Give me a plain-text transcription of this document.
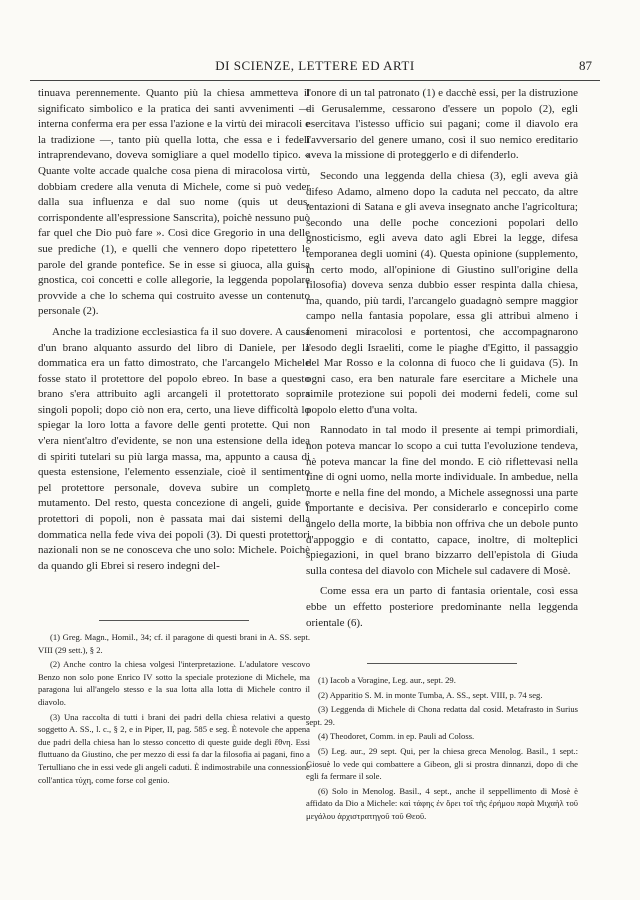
DI SCIENZE, LETTERE ED ARTI	87

tinuava perennemente. Quanto più la chiesa ammetteva il significato simbolico e la pratica dei santi avvenimenti — interna conferma era per essa l'azione e la virtù dei miracoli e la tradizione —, tanto più quella lotta, che essa e i fedeli intraprendevano, doveva somigliare a quel modello tipico. « Quante volte accade qualche cosa piena di miracolosa virtù, dobbiam credere alla venuta di Michele, come si può veder dalla sua influenza e dal suo nome (quis ut deus, corrispondente all'espressione Sanscrita), poichè nessuno può far quel che Dio può fare ». Così dice Gregorio in una delle sue prediche (1), e quelli che vennero dopo ripetettero le parole del grande pontefice. Se in esse si giuoca, alla guisa gnostica, coi concetti e colle allegorie, la leggenda popolare provvide a che lo schema qui costruito avesse un contenuto personale (2).

Anche la tradizione ecclesiastica fa il suo dovere. A causa d'un brano alquanto assurdo del libro di Daniele, per la dommatica era un fatto dimostrato, che l'arcangelo Michele fosse stato il protettore del popolo ebreo. In base a questo brano s'era attribuito agli arcangeli il protettorato sopra singoli popoli; dopo ciò non era, certo, una lieve difficoltà lo spiegar la loro lotta a favore delle genti protette. Qui non v'era nient'altro d'evidente, se non una estensione della idea di spiriti tutelari su più larga massa, ma, appunto a causa di questa estensione, l'elemento essenziale, cioè il sentimento pel protettore personale, doveva subire un completo mutamento. Del resto, questa concezione di angeli, guide e protettori di popoli, non è passata mai dai sistemi della dommatica nella fede viva dei popoli (3). Di questi protettori nazionali non se ne conosceva che uno solo: Michele. Poichè da quando gli Ebrei si resero indegni del-

l'onore di un tal patronato (1) e dacchè essi, per la distruzione di Gerusalemme, cessarono d'essere un popolo (2), egli esercitava l'istesso ufficio sui pagani; come il diavolo era l'avversario del genere umano, così il suo nemico ereditario aveva la missione di proteggerlo e di difenderlo.

Secondo una leggenda della chiesa (3), egli aveva già difeso Adamo, almeno dopo la caduta nel peccato, da altre tentazioni di Satana e gli aveva insegnato anche l'agricoltura; secondo una delle poche concezioni popolari dello gnosticismo, egli aveva dato agli Ebrei la legge, difesa temporanea degli uomini (4). Questa opinione (supplemento, in certo modo, all'opinione di Giustino sull'origine della filosofia) doveva senza dubbio esser respinta dalla chiesa, ma, quando, più tardi, l'arcangelo guadagnò sempre maggior campo nella fantasia popolare, essa gli attribuì almeno i fenomeni miracolosi e portentosi, che accompagnarono l'esodo degli Israeliti, come le piaghe d'Egitto, il passaggio del Mar Rosso e la colonna di fuoco che li guidava (5). In ogni caso, era ben naturale fare esercitare a Michele una simile protezione sui popoli dei moderni fedeli, come sul popolo eletto d'una volta.

Rannodato in tal modo il presente ai tempi primordiali, non poteva mancar lo scopo a cui tutta l'evoluzione tendeva, nè poteva mancar la fine del mondo. E ciò riflettevasi nella fine di ogni uomo, nella morte individuale. In ambedue, nella morte e nella fine del mondo, a Michele assegnossi una parte importante e decisiva. Per considerarlo e concepirlo come angelo della morte, la bibbia non offriva che un debole punto d'appoggio e di contatto, capace, inoltre, di molteplici spiegazioni, in quel brano bizzarro dell'epistola di Giuda sulla contesa del diavolo con Michele sul cadavere di Mosè.

Come essa era un parto di fantasia orientale, così essa ebbe un effetto posteriore predominante nella leggenda orientale (6).

(1) Greg. Magn., Homil., 34; cf. il paragone di questi brani in A. SS. sept. VIII (29 sett.), § 2.

(2) Anche contro la chiesa volgesi l'interpretazione. L'adulatore vescovo Benzo non solo pone Enrico IV sotto la speciale protezione di Michele, ma paragona lui all'angelo stesso e la sua lotta alla lotta di Michele contro il diavolo.

(3) Una raccolta di tutti i brani dei padri della chiesa relativi a questo soggetto A. SS., l. c., § 2, e in Piper, II, pag. 585 e seg. È notevole che appena due padri della chiesa han lo stesso concetto di queste guide degli ἔθνη. Essi fluttuano da Giustino, che per mezzo di essi fa dar la filosofia ai pagani, fino a Tertulliano che in essi vede gli angeli caduti. È indimostrabile una connessione coll'antica τύχη, come forse col genio.

(1) Iacob a Voragine, Leg. aur., sept. 29.

(2) Apparitio S. M. in monte Tumba, A. SS., sept. VIII, p. 74 seg.

(3) Leggenda di Michele di Chona redatta dal cosid. Metafrasto in Surius sept. 29.

(4) Theodoret, Comm. in ep. Pauli ad Coloss.

(5) Leg. aur., 29 sept. Qui, per la chiesa greca Menolog. Basil., 1 sept.: Giosuè lo vede qui combattere a Gibeon, gli si prostra dinnanzi, dopo di che egli fa fermare il sole.

(6) Solo in Menolog. Basil., 4 sept., anche il seppellimento di Mosè è affidato da Dio a Michele: καὶ τάφης ἐν ὄρει τοῖ τῆς ἐρήμου παρὰ Μιχαὴλ τοῦ μεγάλου ἀρχιστρατηγοῦ τοῦ Θεοῦ.
